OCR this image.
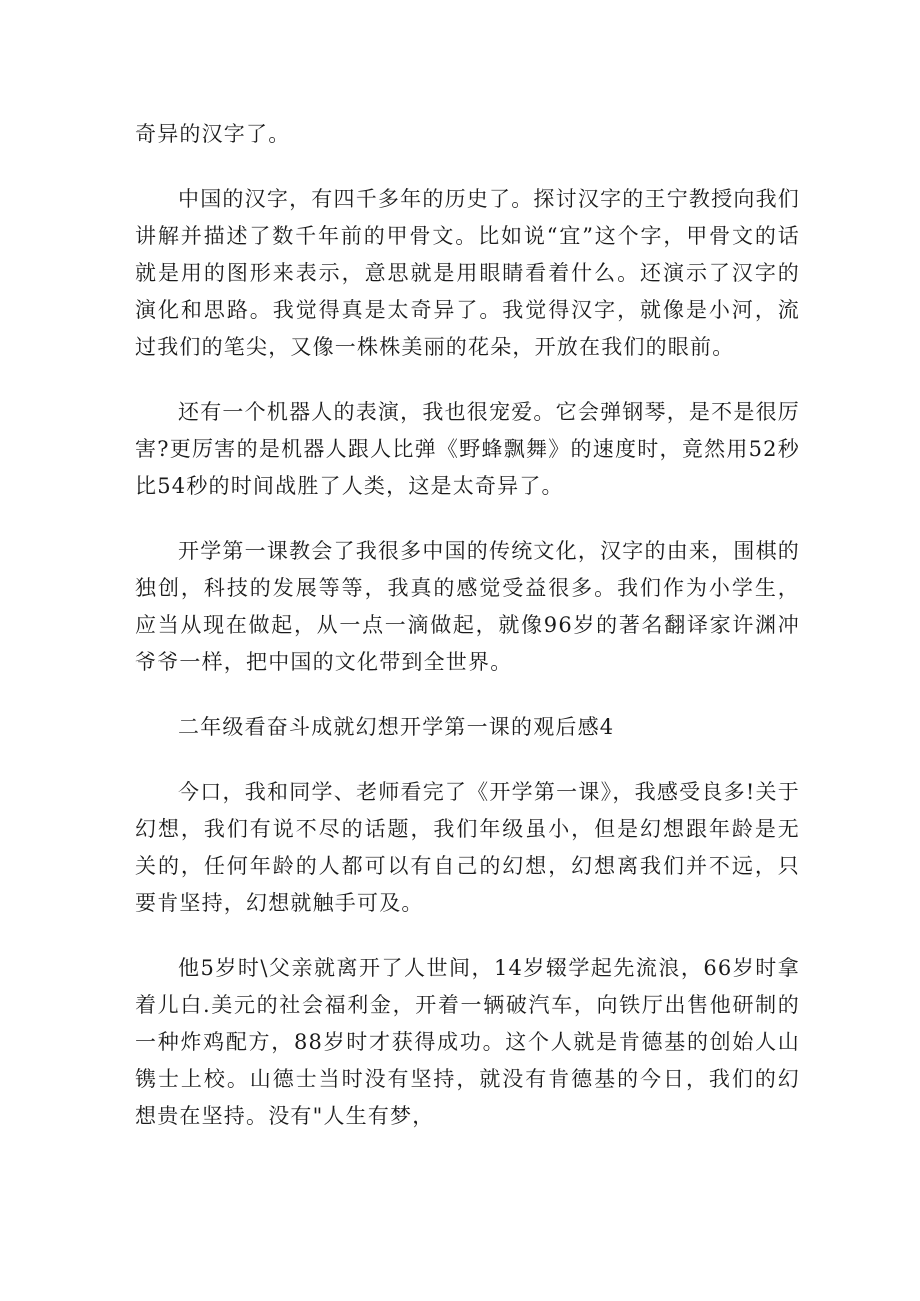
奇异的汉字了。

中国的汉字，有四千多年的历史了。探讨汉字的王宁教授向我们讲解并描述了数千年前的甲骨文。比如说“宜”这个字，甲骨文的话就是用的图形来表示，意思就是用眼睛看着什么。还演示了汉字的演化和思路。我觉得真是太奇异了。我觉得汉字，就像是小河，流过我们的笔尖，又像一株株美丽的花朵，开放在我们的眼前。

还有一个机器人的表演，我也很宠爱。它会弹钢琴，是不是很厉害?更厉害的是机器人跟人比弹《野蜂飘舞》的速度时，竟然用52秒比54秒的时间战胜了人类，这是太奇异了。

开学第一课教会了我很多中国的传统文化，汉字的由来，围棋的独创，科技的发展等等，我真的感觉受益很多。我们作为小学生，应当从现在做起，从一点一滴做起，就像96岁的著名翻译家许渊冲爷爷一样，把中国的文化带到全世界。

二年级看奋斗成就幻想开学第一课的观后感4

今口，我和同学、老师看完了《开学第一课》，我感受良多!关于幻想，我们有说不尽的话题，我们年级虽小，但是幻想跟年龄是无关的，任何年龄的人都可以有自己的幻想，幻想离我们并不远，只要肯坚持，幻想就触手可及。

他5岁时\父亲就离开了人世间，14岁辍学起先流浪，66岁时拿着儿白.美元的社会福利金，开着一辆破汽车，向铁厅出售他研制的一种炸鸡配方，88岁时才获得成功。这个人就是肯德基的创始人山镌士上校。山德士当时没有坚持，就没有肯德基的今日，我们的幻想贵在坚持。没有"人生有梦，
